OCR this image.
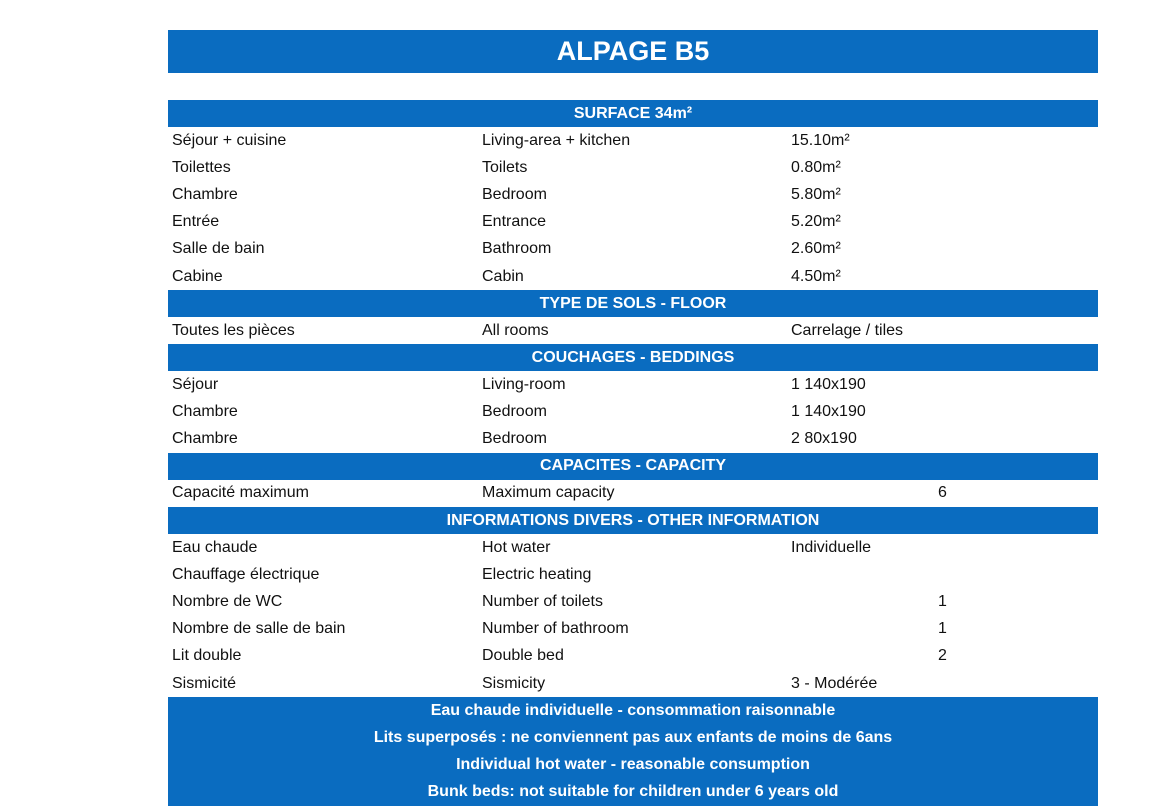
ALPAGE B5
SURFACE 34m²
Séjour + cuisine	Living-area + kitchen	15.10m²
Toilettes	Toilets	0.80m²
Chambre	Bedroom	5.80m²
Entrée	Entrance	5.20m²
Salle de bain	Bathroom	2.60m²
Cabine	Cabin	4.50m²
TYPE DE SOLS - FLOOR
Toutes les pièces	All rooms	Carrelage / tiles
COUCHAGES - BEDDINGS
Séjour	Living-room	1 140x190
Chambre	Bedroom	1 140x190
Chambre	Bedroom	2 80x190
CAPACITES - CAPACITY
Capacité maximum	Maximum capacity	6
INFORMATIONS DIVERS - OTHER INFORMATION
Eau chaude	Hot water	Individuelle
Chauffage électrique	Electric heating
Nombre de WC	Number of toilets	1
Nombre de salle de bain	Number of bathroom	1
Lit double	Double bed	2
Sismicité	Sismicity	3 - Modérée
Eau chaude individuelle - consommation raisonnable
Lits superposés : ne conviennent pas aux enfants de moins de 6ans
Individual hot water - reasonable consumption
Bunk beds: not suitable for children under 6 years old
